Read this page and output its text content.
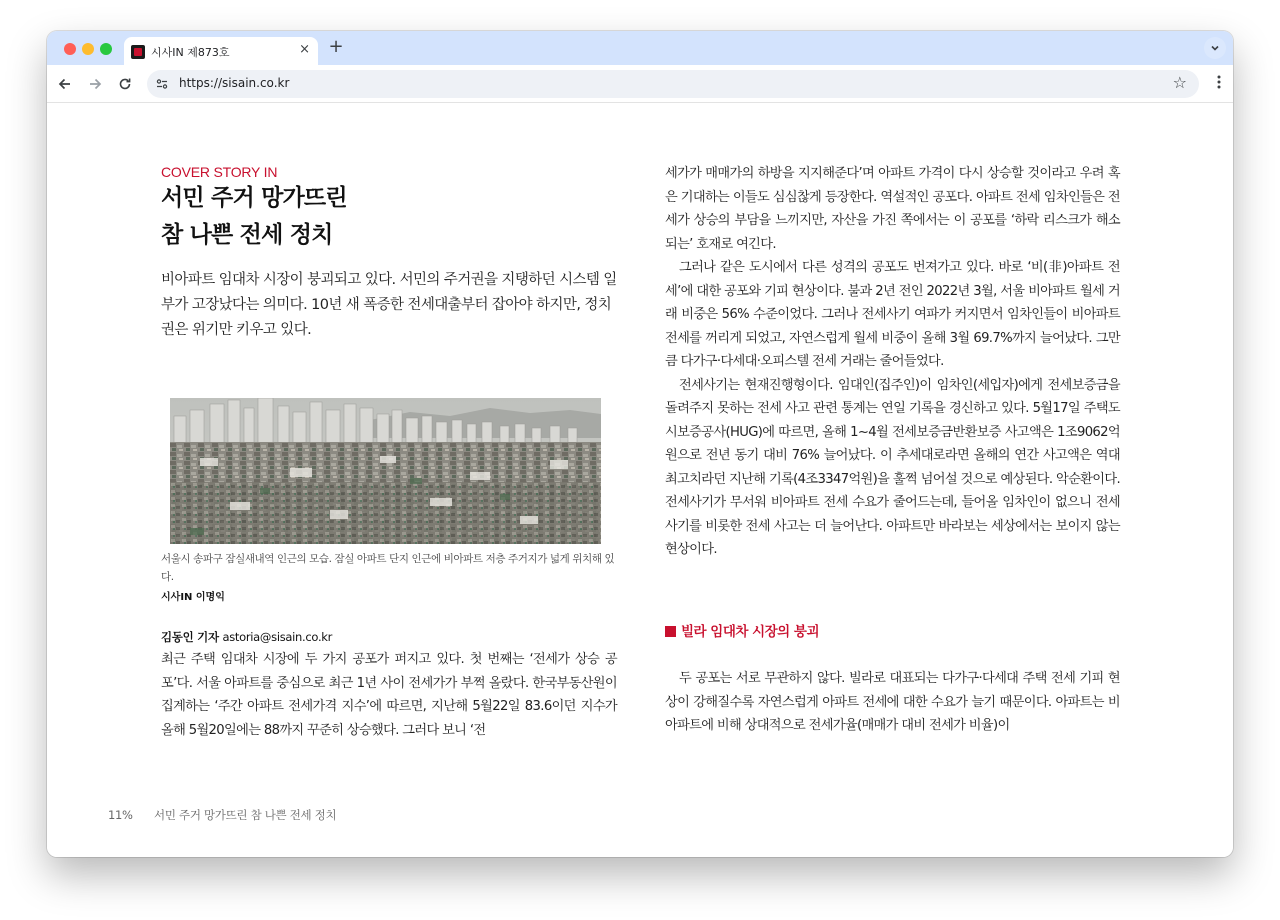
시사IN 제873호	× +
https://sisain.co.kr	☆
COVER STORY IN
서민 주거 망가뜨린
참 나쁜 전세 정치
비아파트 임대차 시장이 붕괴되고 있다. 서민의 주거권을 지탱하던 시스템 일부가 고장났다는 의미다. 10년 새 폭증한 전세대출부터 잡아야 하지만, 정치권은 위기만 키우고 있다.
서울시 송파구 잠실새내역 인근의 모습. 잠실 아파트 단지 인근에 비아파트 저층 주거지가 넓게 위치해 있다.
시사IN 이명익
김동인 기자 astoria@sisain.co.kr

최근 주택 임대차 시장에 두 가지 공포가 퍼지고 있다. 첫 번째는 ‘전세가 상승 공포’다. 서울 아파트를 중심으로 최근 1년 사이 전세가가 부쩍 올랐다. 한국부동산원이 집계하는 ‘주간 아파트 전세가격 지수’에 따르면, 지난해 5월22일 83.6이던 지수가 올해 5월20일에는 88까지 꾸준히 상승했다. 그러다 보니 ‘전

세가가 매매가의 하방을 지지해준다’며 아파트 가격이 다시 상승할 것이라고 우려 혹은 기대하는 이들도 심심찮게 등장한다. 역설적인 공포다. 아파트 전세 임차인들은 전세가 상승의 부담을 느끼지만, 자산을 가진 쪽에서는 이 공포를 ‘하락 리스크가 해소되는’ 호재로 여긴다.

그러나 같은 도시에서 다른 성격의 공포도 번져가고 있다. 바로 ‘비(非)아파트 전세’에 대한 공포와 기피 현상이다. 불과 2년 전인 2022년 3월, 서울 비아파트 월세 거래 비중은 56% 수준이었다. 그러나 전세사기 여파가 커지면서 임차인들이 비아파트 전세를 꺼리게 되었고, 자연스럽게 월세 비중이 올해 3월 69.7%까지 늘어났다. 그만큼 다가구·다세대·오피스텔 전세 거래는 줄어들었다.

전세사기는 현재진행형이다. 임대인(집주인)이 임차인(세입자)에게 전세보증금을 돌려주지 못하는 전세 사고 관련 통계는 연일 기록을 경신하고 있다. 5월17일 주택도시보증공사(HUG)에 따르면, 올해 1~4월 전세보증금반환보증 사고액은 1조9062억원으로 전년 동기 대비 76% 늘어났다. 이 추세대로라면 올해의 연간 사고액은 역대 최고치라던 지난해 기록(4조3347억원)을 훌쩍 넘어설 것으로 예상된다. 악순환이다. 전세사기가 무서워 비아파트 전세 수요가 줄어드는데, 들어올 임차인이 없으니 전세사기를 비롯한 전세 사고는 더 늘어난다. 아파트만 바라보는 세상에서는 보이지 않는 현상이다.

빌라 임대차 시장의 붕괴

두 공포는 서로 무관하지 않다. 빌라로 대표되는 다가구·다세대 주택 전세 기피 현상이 강해질수록 자연스럽게 아파트 전세에 대한 수요가 늘기 때문이다. 아파트는 비아파트에 비해 상대적으로 전세가율(매매가 대비 전세가 비율)이

11% 서민 주거 망가뜨린 참 나쁜 전세 정치
